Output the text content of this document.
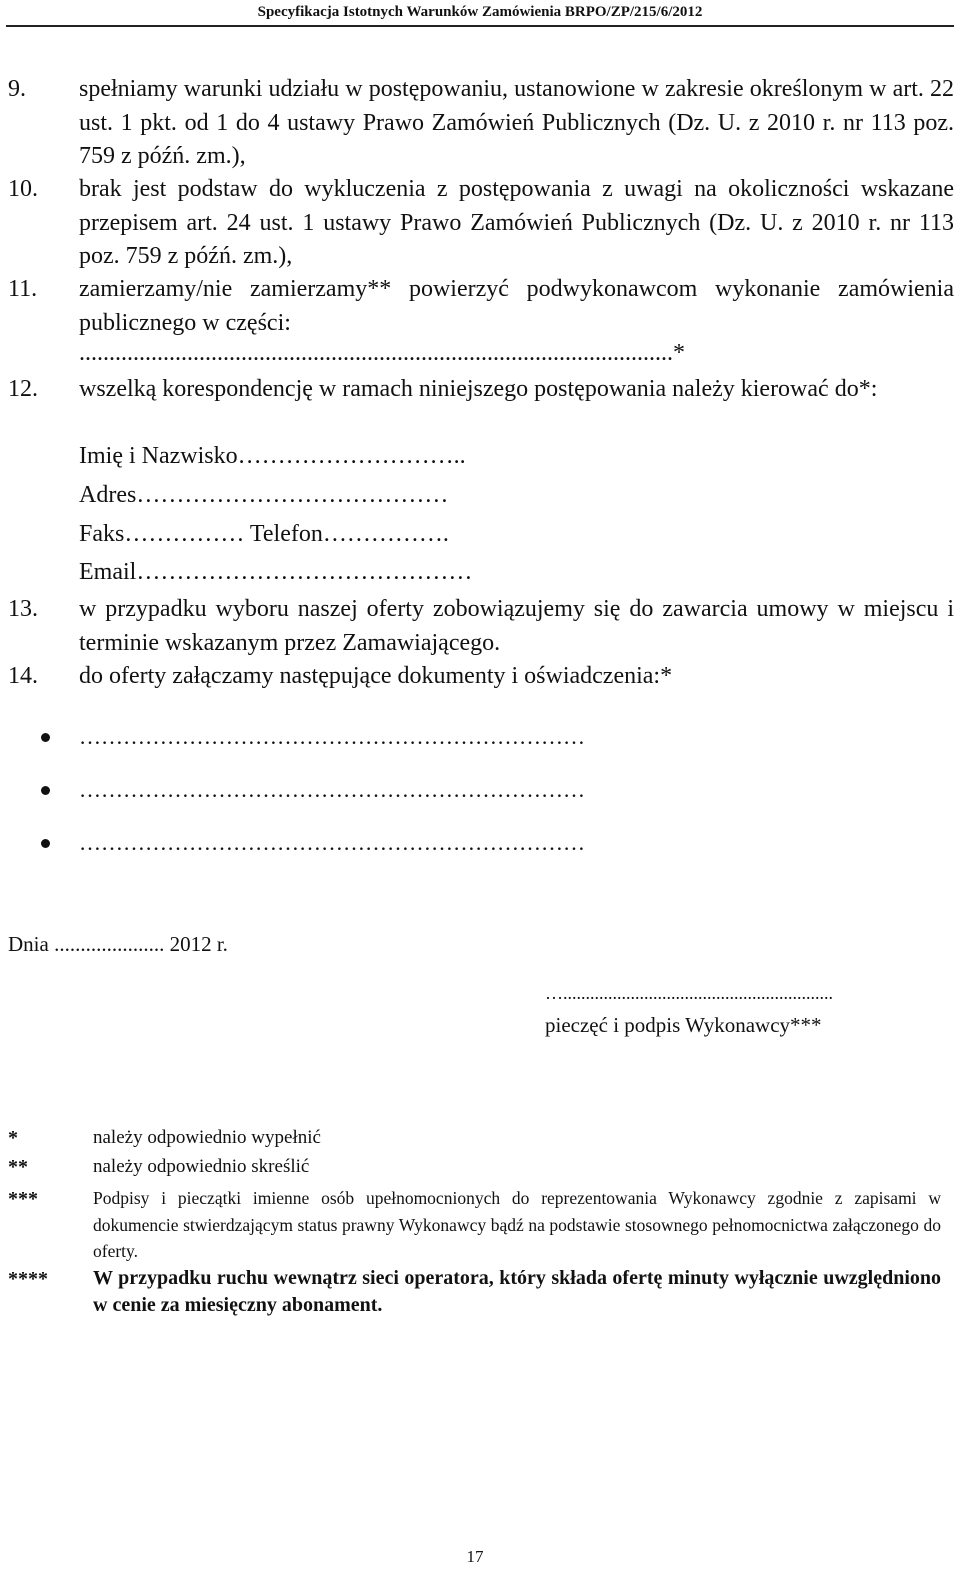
Specyfikacja Istotnych Warunków Zamówienia BRPO/ZP/215/6/2012
9. spełniamy warunki udziału w postępowaniu, ustanowione w zakresie określonym w art. 22 ust. 1 pkt. od 1 do 4 ustawy Prawo Zamówień Publicznych (Dz. U. z 2010 r. nr 113 poz. 759 z późń. zm.),
10. brak jest podstaw do wykluczenia z postępowania z uwagi na okoliczności wskazane przepisem art. 24 ust. 1 ustawy Prawo Zamówień Publicznych (Dz. U. z 2010 r. nr 113 poz. 759 z późń. zm.),
11. zamierzamy/nie zamierzamy** powierzyć podwykonawcom wykonanie zamówienia publicznego w części:
...................................................................................................*
12. wszelką korespondencję w ramach niniejszego postępowania należy kierować do*:
Imię i Nazwisko………………………..
Adres…………………………………
Faks…………… Telefon…………….
Email……………………………………
13. w przypadku wyboru naszej oferty zobowiązujemy się do zawarcia umowy w miejscu i terminie wskazanym przez Zamawiającego.
14. do oferty załączamy następujące dokumenty i oświadczenia:*
……………………………………………………………
……………………………………………………………
……………………………………………………………
Dnia ..................... 2012 r.
…............................................................
pieczęć i podpis Wykonawcy***
*	należy odpowiednio wypełnić
**	należy odpowiednio skreślić
***	Podpisy i pieczątki imienne osób upełnomocnionych do reprezentowania Wykonawcy zgodnie z zapisami w dokumencie stwierdzającym status prawny Wykonawcy bądź na podstawie stosownego pełnomocnictwa załączonego do oferty.
**** W przypadku ruchu wewnątrz sieci operatora, który składa ofertę minuty wyłącznie uwzględniono w cenie za miesięczny abonament.
17
